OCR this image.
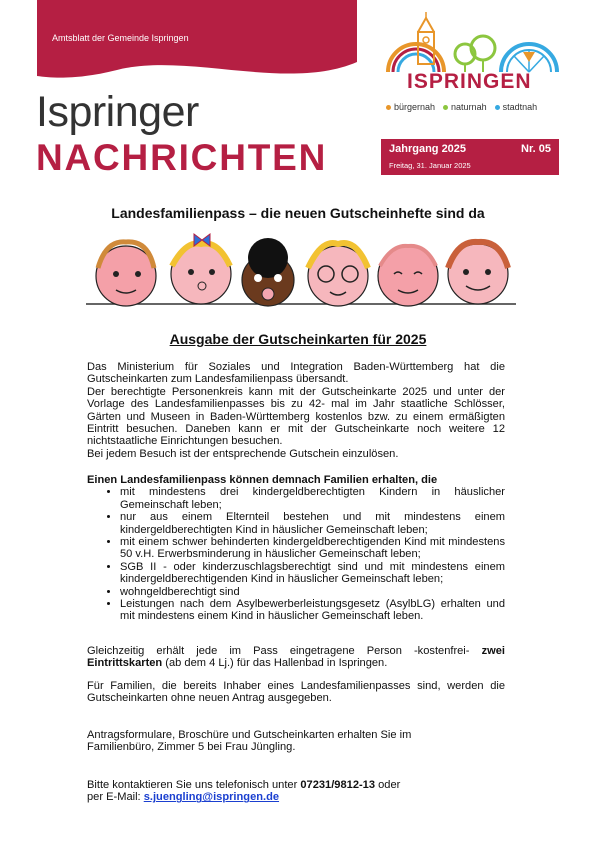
Amtsblatt der Gemeinde Ispringen
Ispringer
NACHRICHTEN
ISPRINGEN
bürgernah	naturnah	stadtnah
Jahrgang 2025	Nr. 05
Freitag, 31. Januar 2025
Landesfamilienpass – die neuen Gutscheinhefte sind da
Ausgabe der Gutscheinkarten für 2025

Das Ministerium für Soziales und Integration Baden-Württemberg hat die Gutscheinkarten zum Landesfamilienpass übersandt.

Der berechtigte Personenkreis kann mit der Gutscheinkarte 2025 und unter der Vorlage des Landesfamilienpasses bis zu 42- mal im Jahr staatliche Schlösser, Gärten und Museen in Baden-Württemberg kostenlos bzw. zu einem ermäßigten Eintritt besuchen. Daneben kann er mit der Gutscheinkarte noch weitere 12 nichtstaatliche Einrichtungen besuchen.

Bei jedem Besuch ist der entsprechende Gutschein einzulösen.

Einen Landesfamilienpass können demnach Familien erhalten, die

• mit mindestens drei kindergeldberechtigten Kindern in häuslicher Gemeinschaft leben;
• nur aus einem Elternteil bestehen und mit mindestens einem kindergeldberechtigten Kind in häuslicher Gemeinschaft leben;
• mit einem schwer behinderten kindergeldberechtigenden Kind mit mindestens 50 v.H. Erwerbsminderung in häuslicher Gemeinschaft leben;
• SGB II - oder kinderzuschlagsberechtigt sind und mit mindestens einem kindergeldberechtigenden Kind in häuslicher Gemeinschaft leben;
• wohngeldberechtigt sind
• Leistungen nach dem Asylbewerberleistungsgesetz (AsylbLG) erhalten und mit mindestens einem Kind in häuslicher Gemeinschaft leben.
Gleichzeitig erhält jede im Pass eingetragene Person -kostenfrei- zwei Eintrittskarten (ab dem 4 Lj.) für das Hallenbad in Ispringen.
Für Familien, die bereits Inhaber eines Landesfamilienpasses sind, werden die Gutscheinkarten ohne neuen Antrag ausgegeben.
Antragsformulare, Broschüre und Gutscheinkarten erhalten Sie im
Familienbüro, Zimmer 5 bei Frau Jüngling.
Bitte kontaktieren Sie uns telefonisch unter 07231/9812-13 oder
per E-Mail: s.juengling@ispringen.de
